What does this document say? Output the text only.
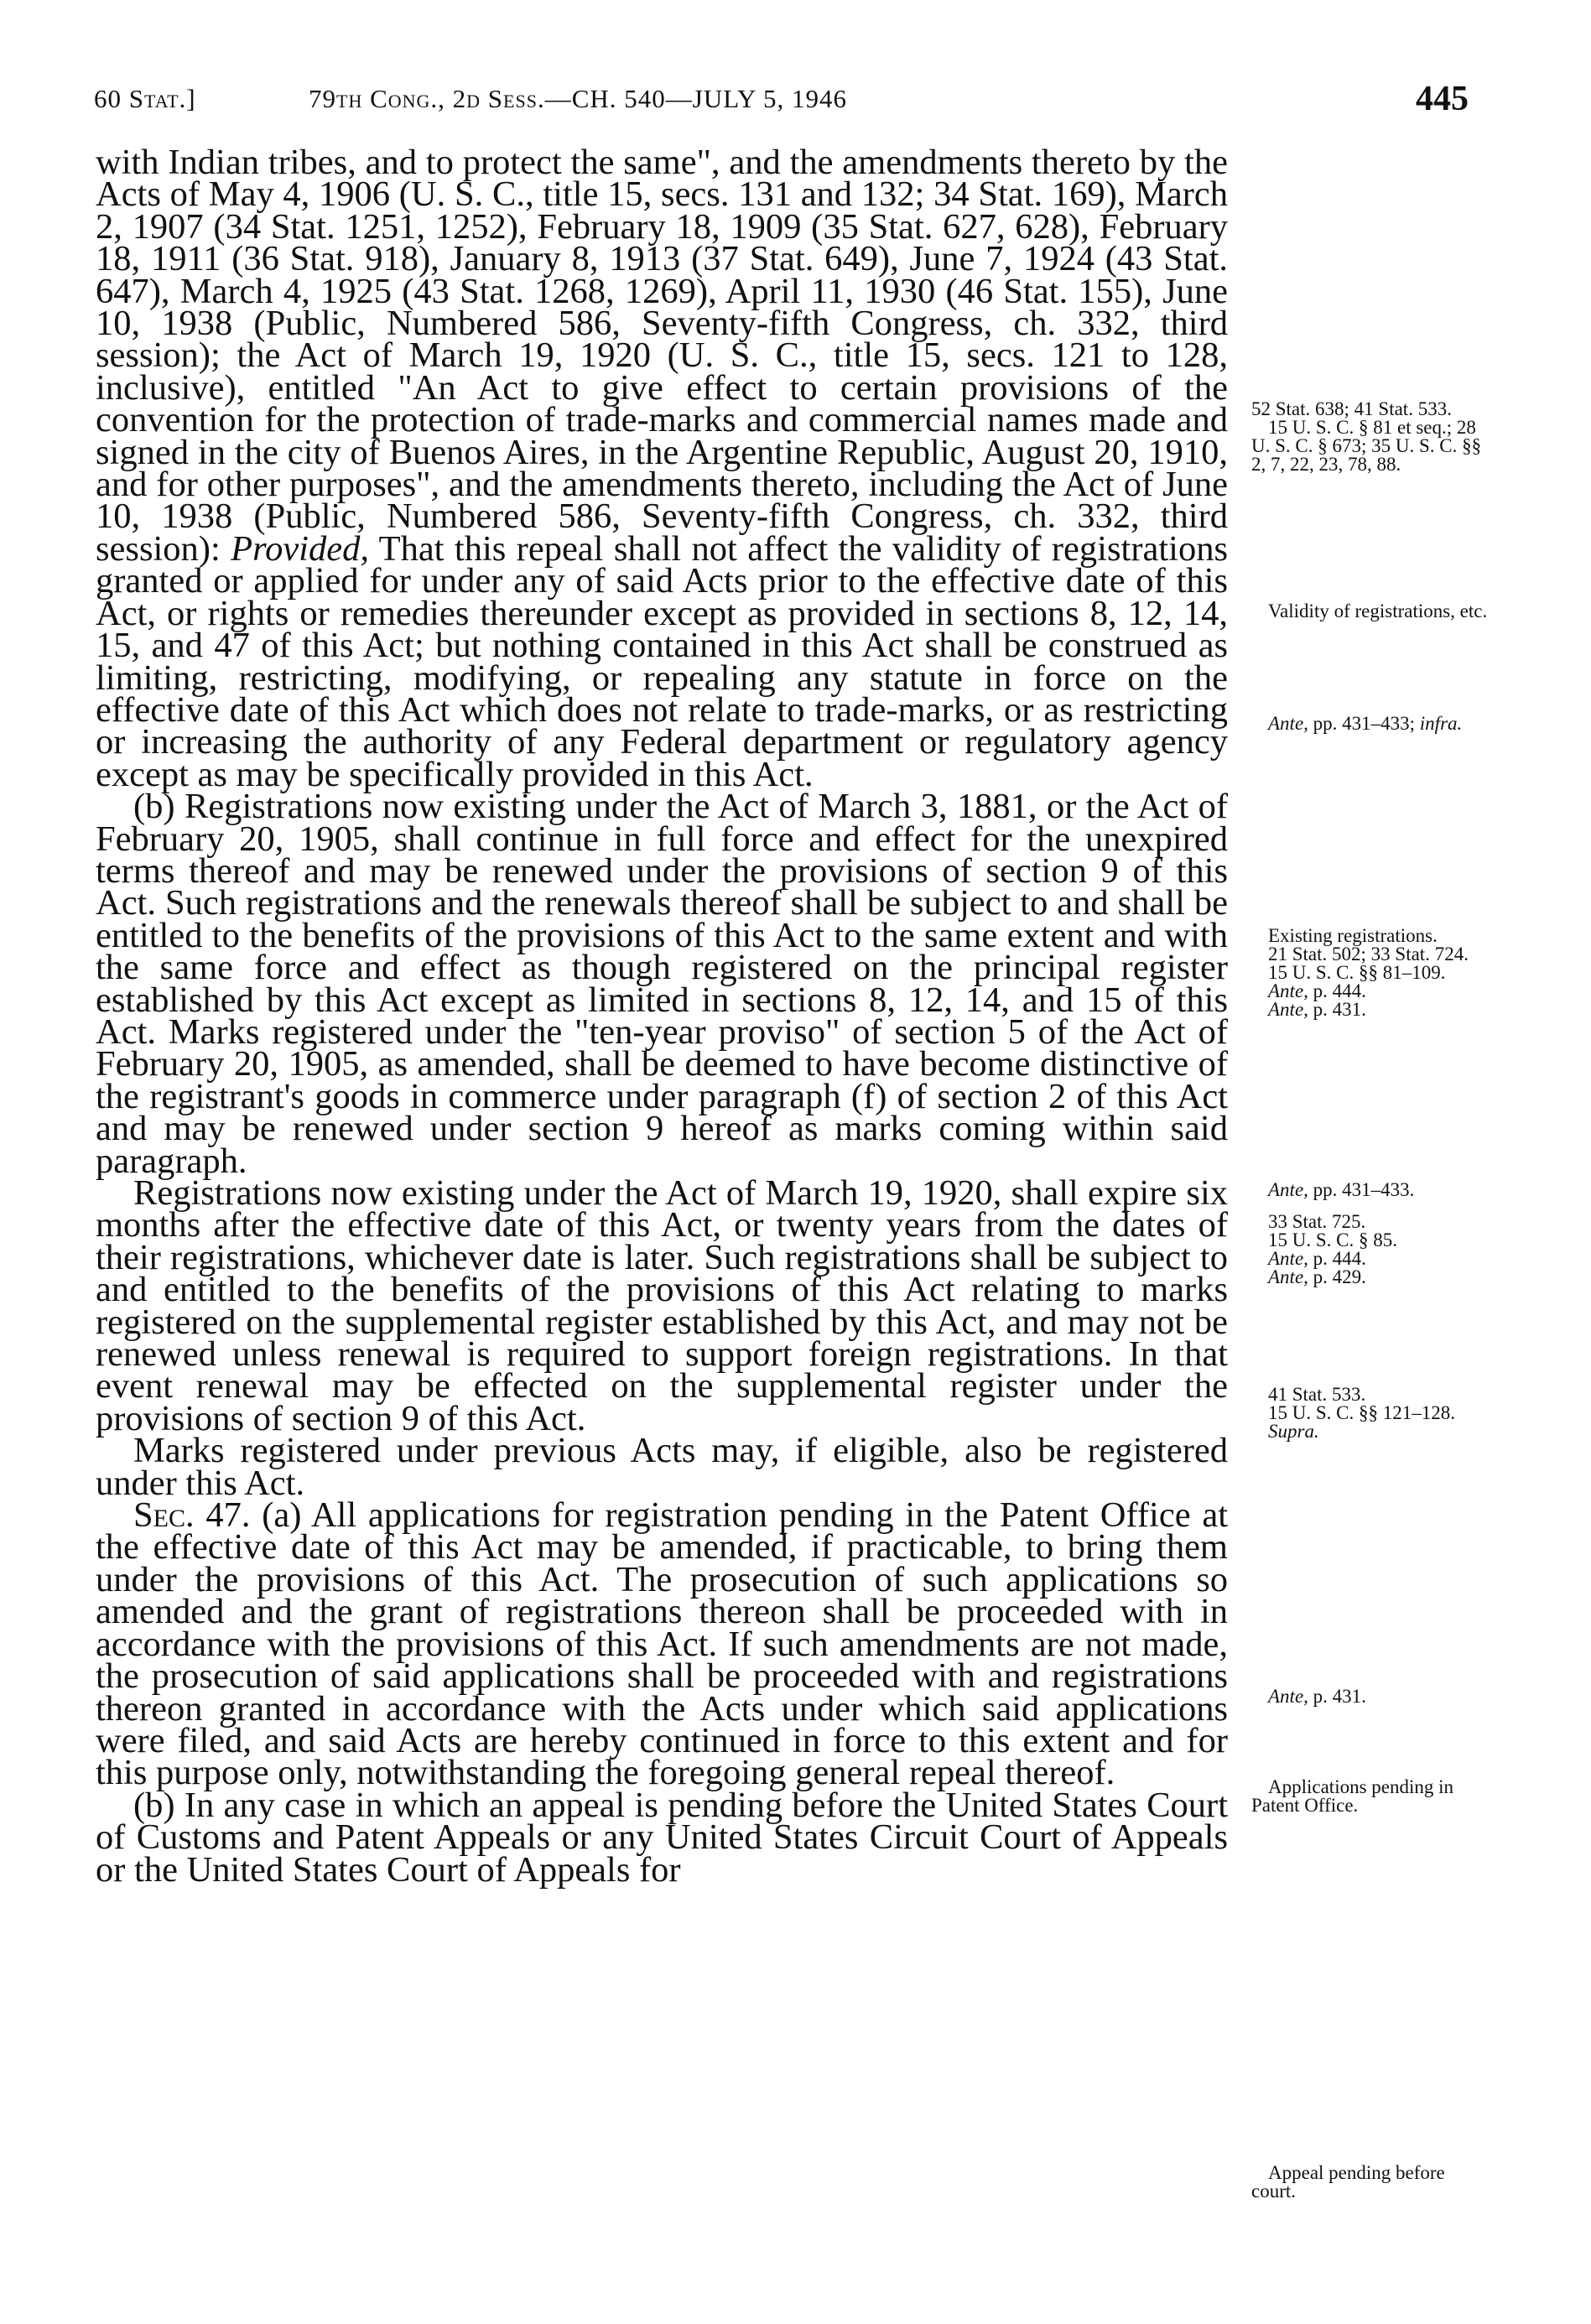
60 Stat.]	79th Cong., 2d Sess.—CH. 540—JULY 5, 1946	445

with Indian tribes, and to protect the same", and the amendments thereto by the Acts of May 4, 1906 (U. S. C., title 15, secs. 131 and 132; 34 Stat. 169), March 2, 1907 (34 Stat. 1251, 1252), February 18, 1909 (35 Stat. 627, 628), February 18, 1911 (36 Stat. 918), January 8, 1913 (37 Stat. 649), June 7, 1924 (43 Stat. 647), March 4, 1925 (43 Stat. 1268, 1269), April 11, 1930 (46 Stat. 155), June 10, 1938 (Public, Numbered 586, Seventy-fifth Congress, ch. 332, third session); the Act of March 19, 1920 (U. S. C., title 15, secs. 121 to 128, inclusive), entitled "An Act to give effect to certain provisions of the convention for the protection of trade-marks and commercial names made and signed in the city of Buenos Aires, in the Argentine Republic, August 20, 1910, and for other purposes", and the amendments thereto, including the Act of June 10, 1938 (Public, Numbered 586, Seventy-fifth Congress, ch. 332, third session): Provided, That this repeal shall not affect the validity of registrations granted or applied for under any of said Acts prior to the effective date of this Act, or rights or remedies thereunder except as provided in sections 8, 12, 14, 15, and 47 of this Act; but nothing contained in this Act shall be construed as limiting, restricting, modifying, or repealing any statute in force on the effective date of this Act which does not relate to trade-marks, or as restricting or increasing the authority of any Federal department or regulatory agency except as may be specifically provided in this Act.

(b) Registrations now existing under the Act of March 3, 1881, or the Act of February 20, 1905, shall continue in full force and effect for the unexpired terms thereof and may be renewed under the provisions of section 9 of this Act. Such registrations and the renewals thereof shall be subject to and shall be entitled to the benefits of the provisions of this Act to the same extent and with the same force and effect as though registered on the principal register established by this Act except as limited in sections 8, 12, 14, and 15 of this Act. Marks registered under the "ten-year proviso" of section 5 of the Act of February 20, 1905, as amended, shall be deemed to have become distinctive of the registrant's goods in commerce under paragraph (f) of section 2 of this Act and may be renewed under section 9 hereof as marks coming within said paragraph.

Registrations now existing under the Act of March 19, 1920, shall expire six months after the effective date of this Act, or twenty years from the dates of their registrations, whichever date is later. Such registrations shall be subject to and entitled to the benefits of the provisions of this Act relating to marks registered on the supplemental register established by this Act, and may not be renewed unless renewal is required to support foreign registrations. In that event renewal may be effected on the supplemental register under the provisions of section 9 of this Act.

Marks registered under previous Acts may, if eligible, also be registered under this Act.

Sec. 47. (a) All applications for registration pending in the Patent Office at the effective date of this Act may be amended, if practicable, to bring them under the provisions of this Act. The prosecution of such applications so amended and the grant of registrations thereon shall be proceeded with in accordance with the provisions of this Act. If such amendments are not made, the prosecution of said applications shall be proceeded with and registrations thereon granted in accordance with the Acts under which said applications were filed, and said Acts are hereby continued in force to this extent and for this purpose only, notwithstanding the foregoing general repeal thereof.

(b) In any case in which an appeal is pending before the United States Court of Customs and Patent Appeals or any United States Circuit Court of Appeals or the United States Court of Appeals for

52 Stat. 638; 41 Stat. 533.

15 U. S. C. § 81 et seq.; 28 U. S. C. § 673; 35 U. S. C. §§ 2, 7, 22, 23, 78, 88.

Validity of registrations, etc.

Ante, pp. 431–433; infra.

Existing registrations.

21 Stat. 502; 33 Stat. 724.

15 U. S. C. §§ 81–109.

Ante, p. 444.

Ante, p. 431.

Ante, pp. 431–433.

33 Stat. 725.

15 U. S. C. § 85.

Ante, p. 444.

Ante, p. 429.

41 Stat. 533.

15 U. S. C. §§ 121–128.

Supra.

Ante, p. 431.

Applications pending in Patent Office.

Appeal pending before court.
